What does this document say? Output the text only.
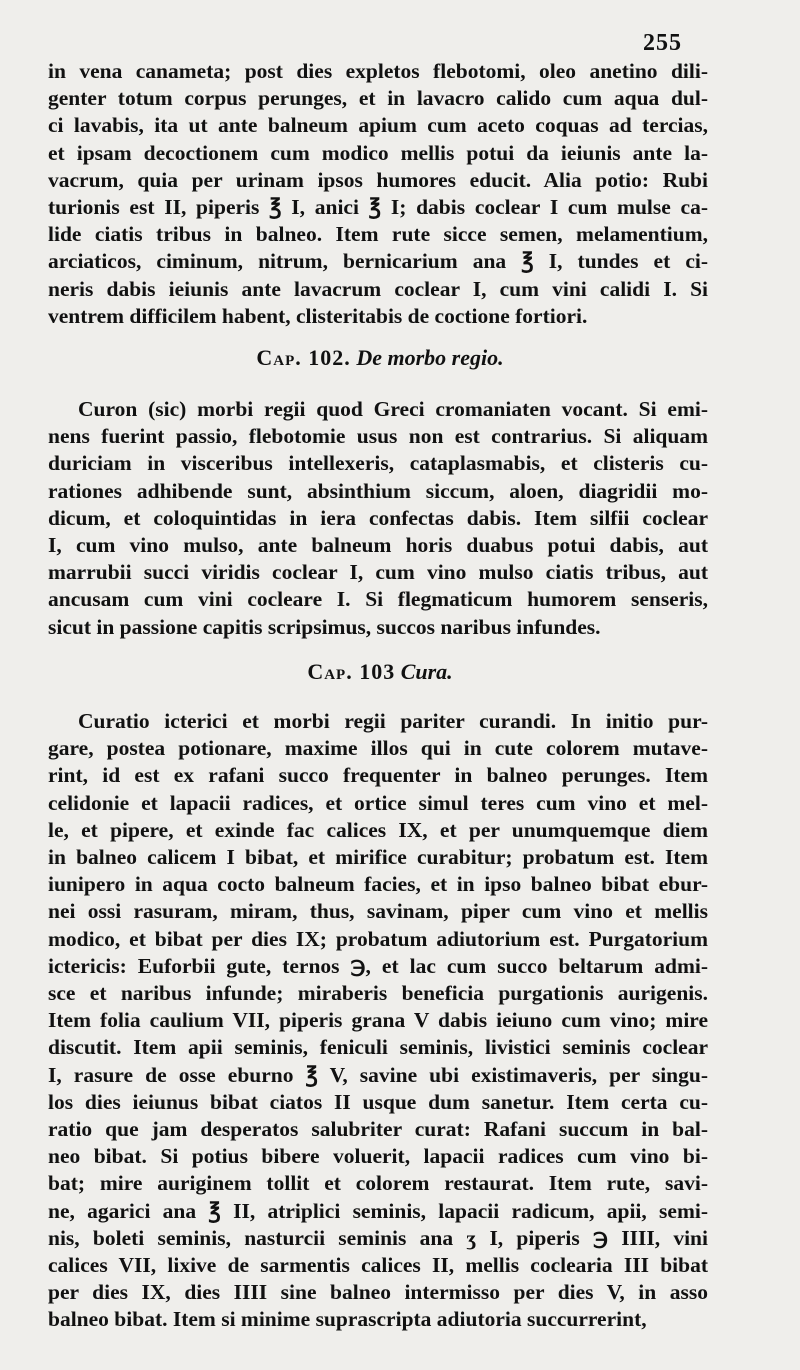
255
in vena canameta; post dies expletos flebotomi, oleo anetino dili-
genter totum corpus perunges, et in lavacro calido cum aqua dul-
ci lavabis, ita ut ante balneum apium cum aceto coquas ad tercias,
et ipsam decoctionem cum modico mellis potui da ieiunis ante la-
vacrum, quia per urinam ipsos humores educit. Alia potio: Rubi
turionis est II, piperis ℥ I, anici ℥ I; dabis coclear I cum mulse ca-
lide ciatis tribus in balneo. Item rute sicce semen, melamentium,
arciaticos, ciminum, nitrum, bernicarium ana ℥ I, tundes et ci-
neris dabis ieiunis ante lavacrum coclear I, cum vini calidi I. Si
ventrem difficilem habent, clisteritabis de coctione fortiori.
Cap. 102. De morbo regio.
Curon (sic) morbi regii quod Greci cromaniaten vocant. Si emi-
nens fuerint passio, flebotomie usus non est contrarius. Si aliquam
duriciam in visceribus intellexeris, cataplasmabis, et clisteris cu-
rationes adhibende sunt, absinthium siccum, aloen, diagridii mo-
dicum, et coloquintidas in iera confectas dabis. Item silfii coclear
I, cum vino mulso, ante balneum horis duabus potui dabis, aut
marrubii succi viridis coclear I, cum vino mulso ciatis tribus, aut
ancusam cum vini cocleare I. Si flegmaticum humorem senseris,
sicut in passione capitis scripsimus, succos naribus infundes.
Cap. 103 Cura.
Curatio icterici et morbi regii pariter curandi. In initio pur-
gare, postea potionare, maxime illos qui in cute colorem mutave-
rint, id est ex rafani succo frequenter in balneo perunges. Item
celidonie et lapacii radices, et ortice simul teres cum vino et mel-
le, et pipere, et exinde fac calices IX, et per unumquemque diem
in balneo calicem I bibat, et mirifice curabitur; probatum est. Item
iunipero in aqua cocto balneum facies, et in ipso balneo bibat ebur-
nei ossi rasuram, miram, thus, savinam, piper cum vino et mellis
modico, et bibat per dies IX; probatum adiutorium est. Purgatorium
ictericis: Euforbii gute, ternos ℈, et lac cum succo beltarum admi-
sce et naribus infunde; miraberis beneficia purgationis aurigenis.
Item folia caulium VII, piperis grana V dabis ieiuno cum vino; mire
discutit. Item apii seminis, feniculi seminis, livistici seminis coclear
I, rasure de osse eburno ℥ V, savine ubi existimaveris, per singu-
los dies ieiunus bibat ciatos II usque dum sanetur. Item certa cu-
ratio que jam desperatos salubriter curat: Rafani succum in bal-
neo bibat. Si potius bibere voluerit, lapacii radices cum vino bi-
bat; mire auriginem tollit et colorem restaurat. Item rute, savi-
ne, agarici ana ℥ II, atriplici seminis, lapacii radicum, apii, semi-
nis, boleti seminis, nasturcii seminis ana ʒ I, piperis ℈ IIII, vini
calices VII, lixive de sarmentis calices II, mellis coclearia III bibat
per dies IX, dies IIII sine balneo intermisso per dies V, in asso
balneo bibat. Item si minime suprascripta adiutoria succurrerint,
